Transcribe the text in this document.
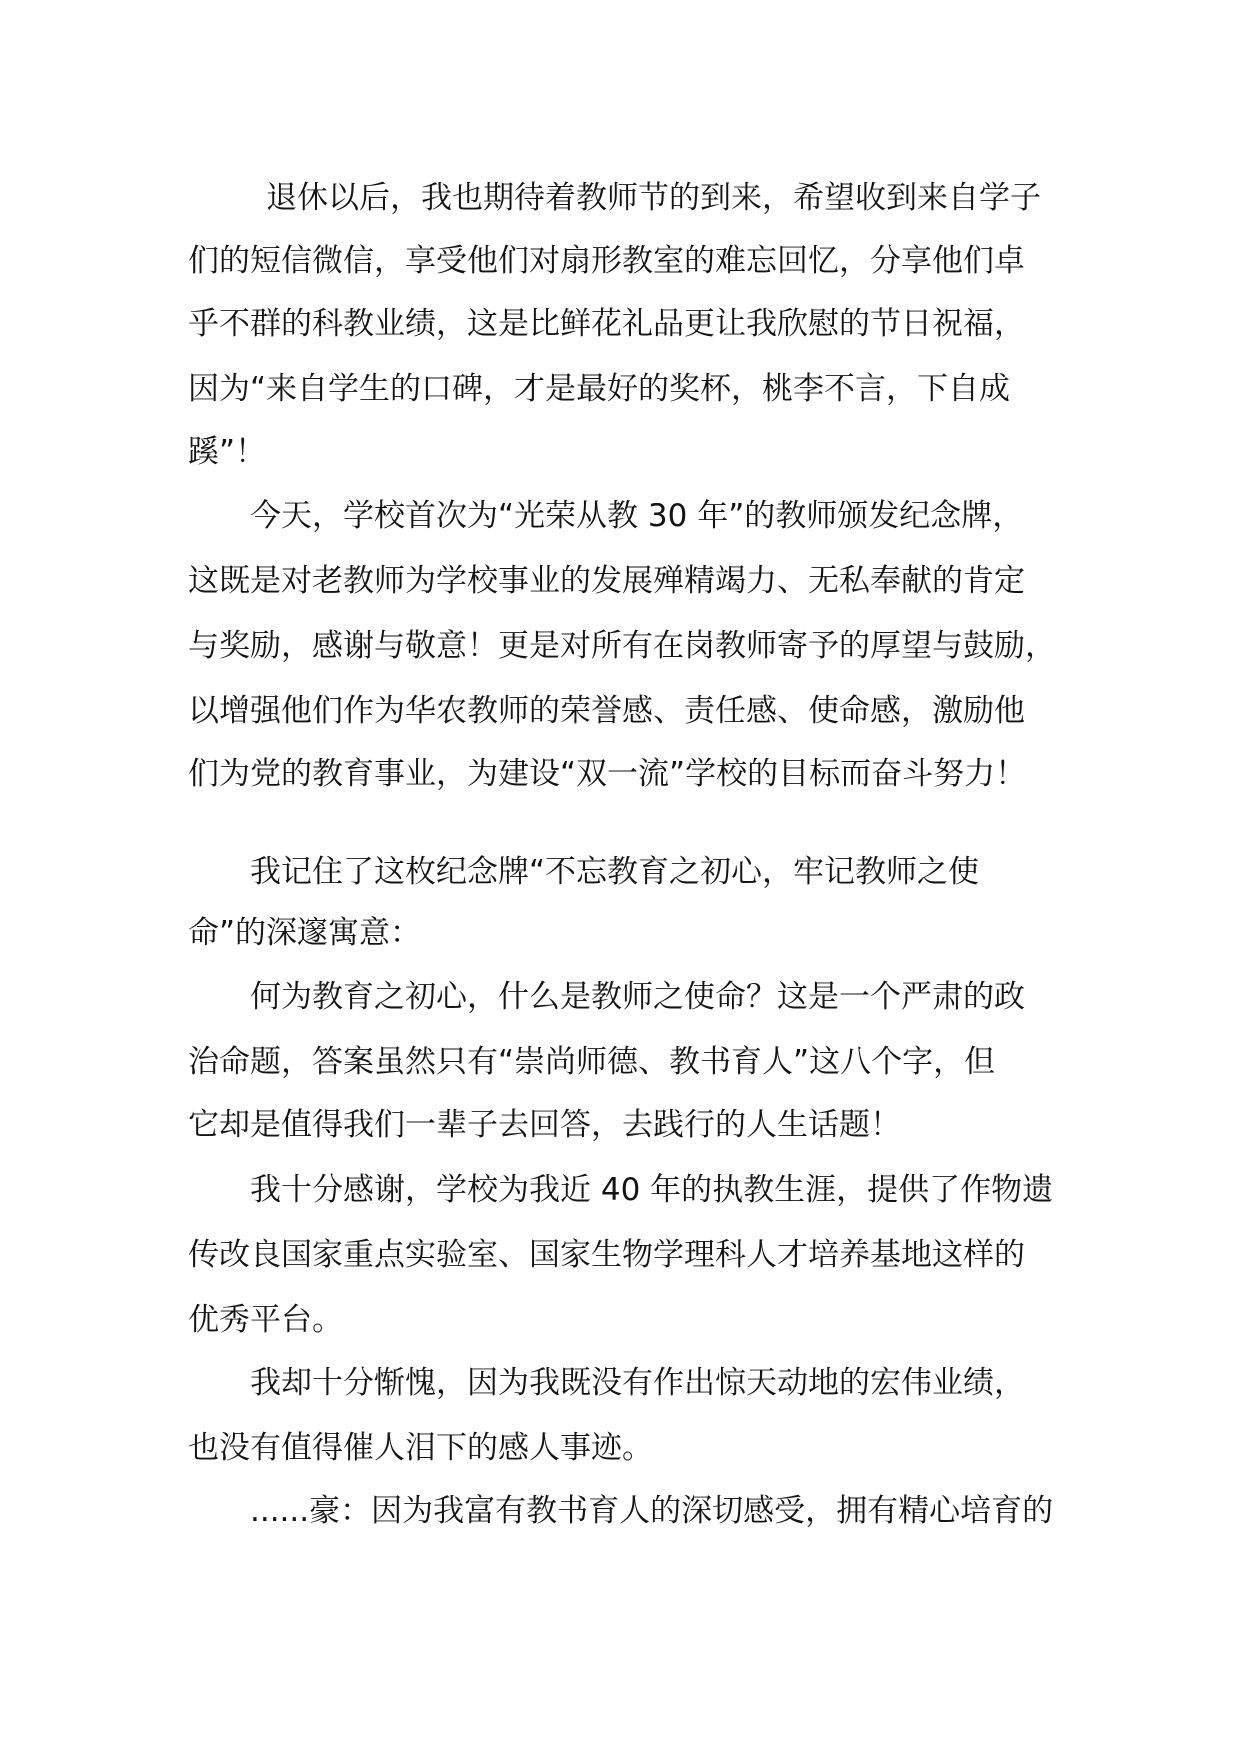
退休以后，我也期待着教师节的到来，希望收到来自学子
们的短信微信，享受他们对扇形教室的难忘回忆，分享他们卓
乎不群的科教业绩，这是比鲜花礼品更让我欣慰的节日祝福，
因为“来自学生的口碑，才是最好的奖杯，桃李不言，下自成
蹊”！
今天，学校首次为“光荣从教 30 年”的教师颁发纪念牌，
这既是对老教师为学校事业的发展殚精竭力、无私奉献的肯定
与奖励，感谢与敬意！更是对所有在岗教师寄予的厚望与鼓励，
以增强他们作为华农教师的荣誉感、责任感、使命感，激励他
们为党的教育事业，为建设“双一流”学校的目标而奋斗努力！
我记住了这枚纪念牌“不忘教育之初心，牢记教师之使
命”的深邃寓意：
何为教育之初心，什么是教师之使命？这是一个严肃的政
治命题，答案虽然只有“崇尚师德、教书育人”这八个字，但
它却是值得我们一辈子去回答，去践行的人生话题！
我十分感谢，学校为我近 40 年的执教生涯，提供了作物遗
传改良国家重点实验室、国家生物学理科人才培养基地这样的
优秀平台。
我却十分惭愧，因为我既没有作出惊天动地的宏伟业绩，
也没有值得催人泪下的感人事迹。
......豪：因为我富有教书育人的深切感受，拥有精心培育的
